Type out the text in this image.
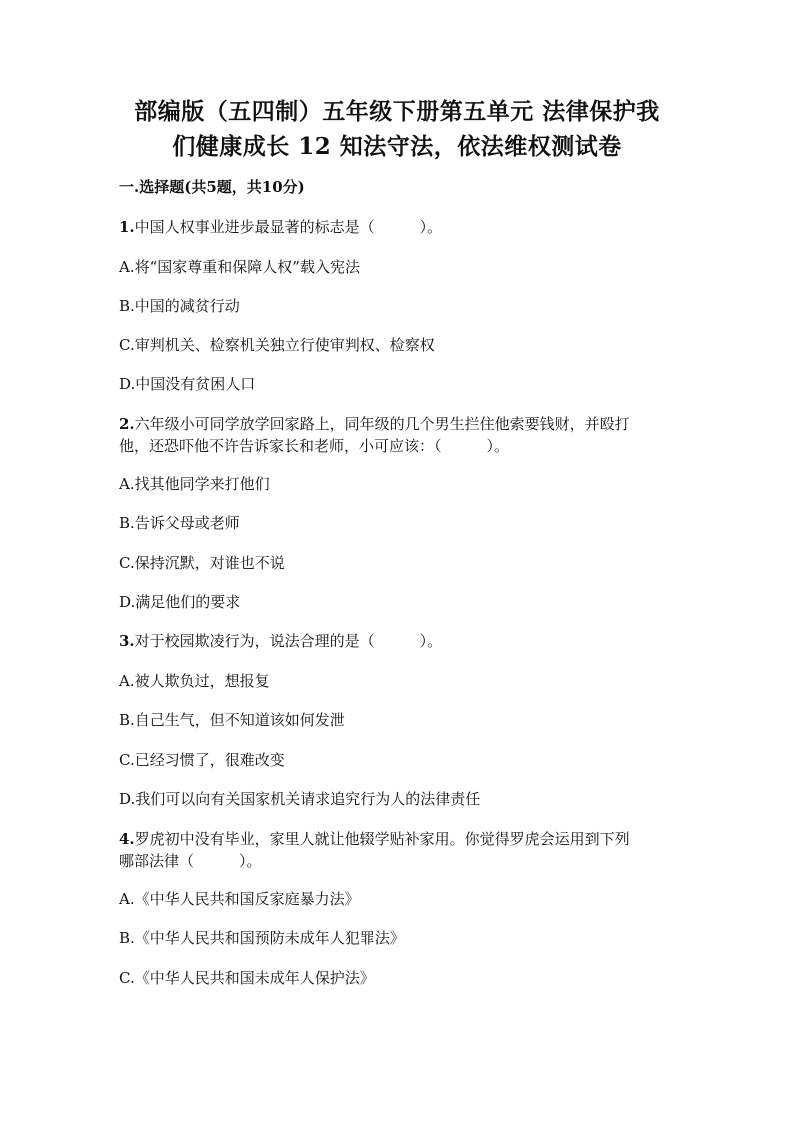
部编版（五四制）五年级下册第五单元 法律保护我
们健康成长 12 知法守法，依法维权测试卷
一.选择题(共5题，共10分)
1.中国人权事业进步最显著的标志是（　　　）。
A.将“国家尊重和保障人权”载入宪法
B.中国的减贫行动
C.审判机关、检察机关独立行使审判权、检察权
D.中国没有贫困人口
2.六年级小可同学放学回家路上，同年级的几个男生拦住他索要钱财，并殴打
他，还恐吓他不许告诉家长和老师，小可应该：（　　　）。
A.找其他同学来打他们
B.告诉父母或老师
C.保持沉默，对谁也不说
D.满足他们的要求
3.对于校园欺凌行为，说法合理的是（　　　）。
A.被人欺负过，想报复
B.自己生气，但不知道该如何发泄
C.已经习惯了，很难改变
D.我们可以向有关国家机关请求追究行为人的法律责任
4.罗虎初中没有毕业，家里人就让他辍学贴补家用。你觉得罗虎会运用到下列
哪部法律（　　　）。
A.《中华人民共和国反家庭暴力法》
B.《中华人民共和国预防未成年人犯罪法》
C.《中华人民共和国未成年人保护法》
